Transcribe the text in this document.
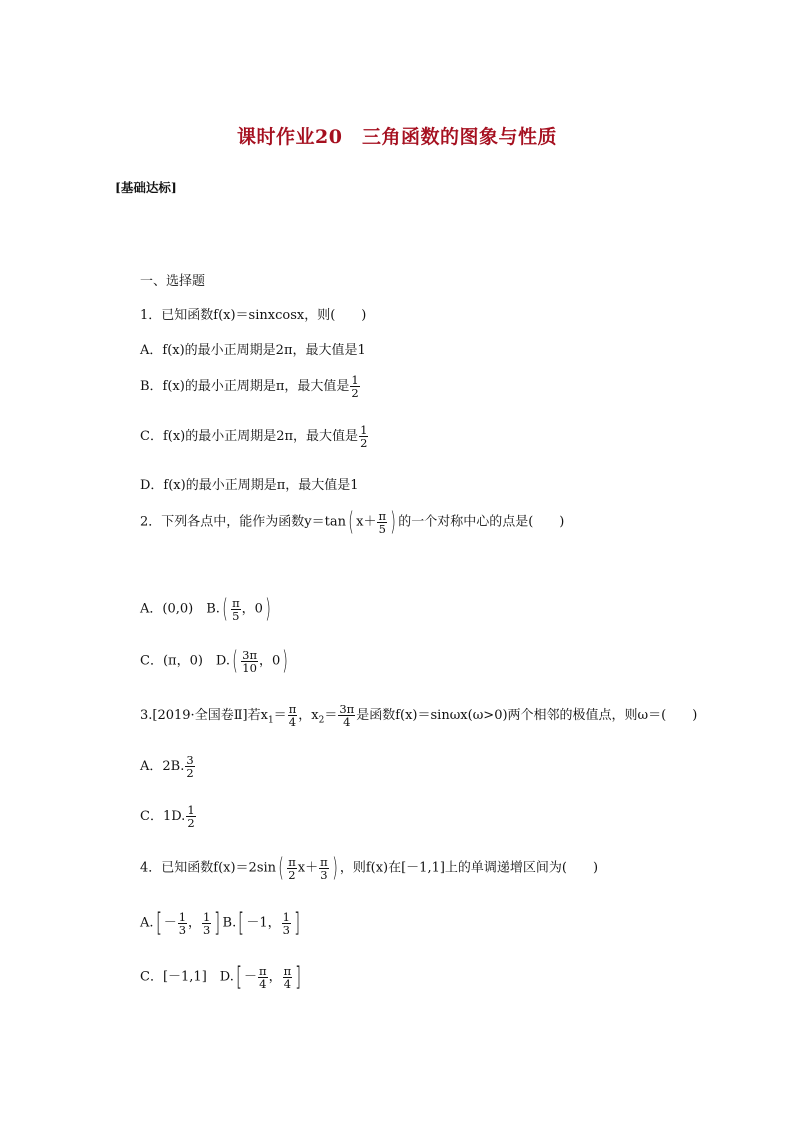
课时作业20　三角函数的图象与性质
[基础达标]
一、选择题
1．已知函数f(x)＝sinxcosx，则(　　)
A．f(x)的最小正周期是2π，最大值是1
B．f(x)的最小正周期是π，最大值是 $\frac{1}{2}$
C．f(x)的最小正周期是2π，最大值是 $\frac{1}{2}$
D．f(x)的最小正周期是π，最大值是1
2．下列各点中，能作为函数y＝tan( $x+ \frac{\pi}{5}$ ) 的一个对称中心的点是(　　)
A．(0,0)　$B.( \frac{\pi}{5}$ ，0)
C．(π，0)　$D.( \frac{3\pi}{10}$ ，0)
3.[2019·全国卷Ⅱ]若$x_1= \frac{\pi}{4}$ ，$x_2= \frac{3\pi}{4}$ 是函数f(x)＝sinωx(ω>0)两个相邻的极值点，则ω＝(　　)
A．2B. $\frac{3}{2}$
C．1D. $\frac{1}{2}$
4．已知函数$f(x)=2\sin( \frac{\pi}{2} x+ \frac{\pi}{3}$ ) ，则f(x)在[－1,1]上的单调递增区间为(　　)
$A.[ - \frac{1}{3}$ ， $\frac{1}{3}$ ] B.[ －1， $\frac{1}{3}$ ]
C．[－1,1]　$D.[ - \frac{\pi}{4}$ ， $\frac{\pi}{4}$ ]
